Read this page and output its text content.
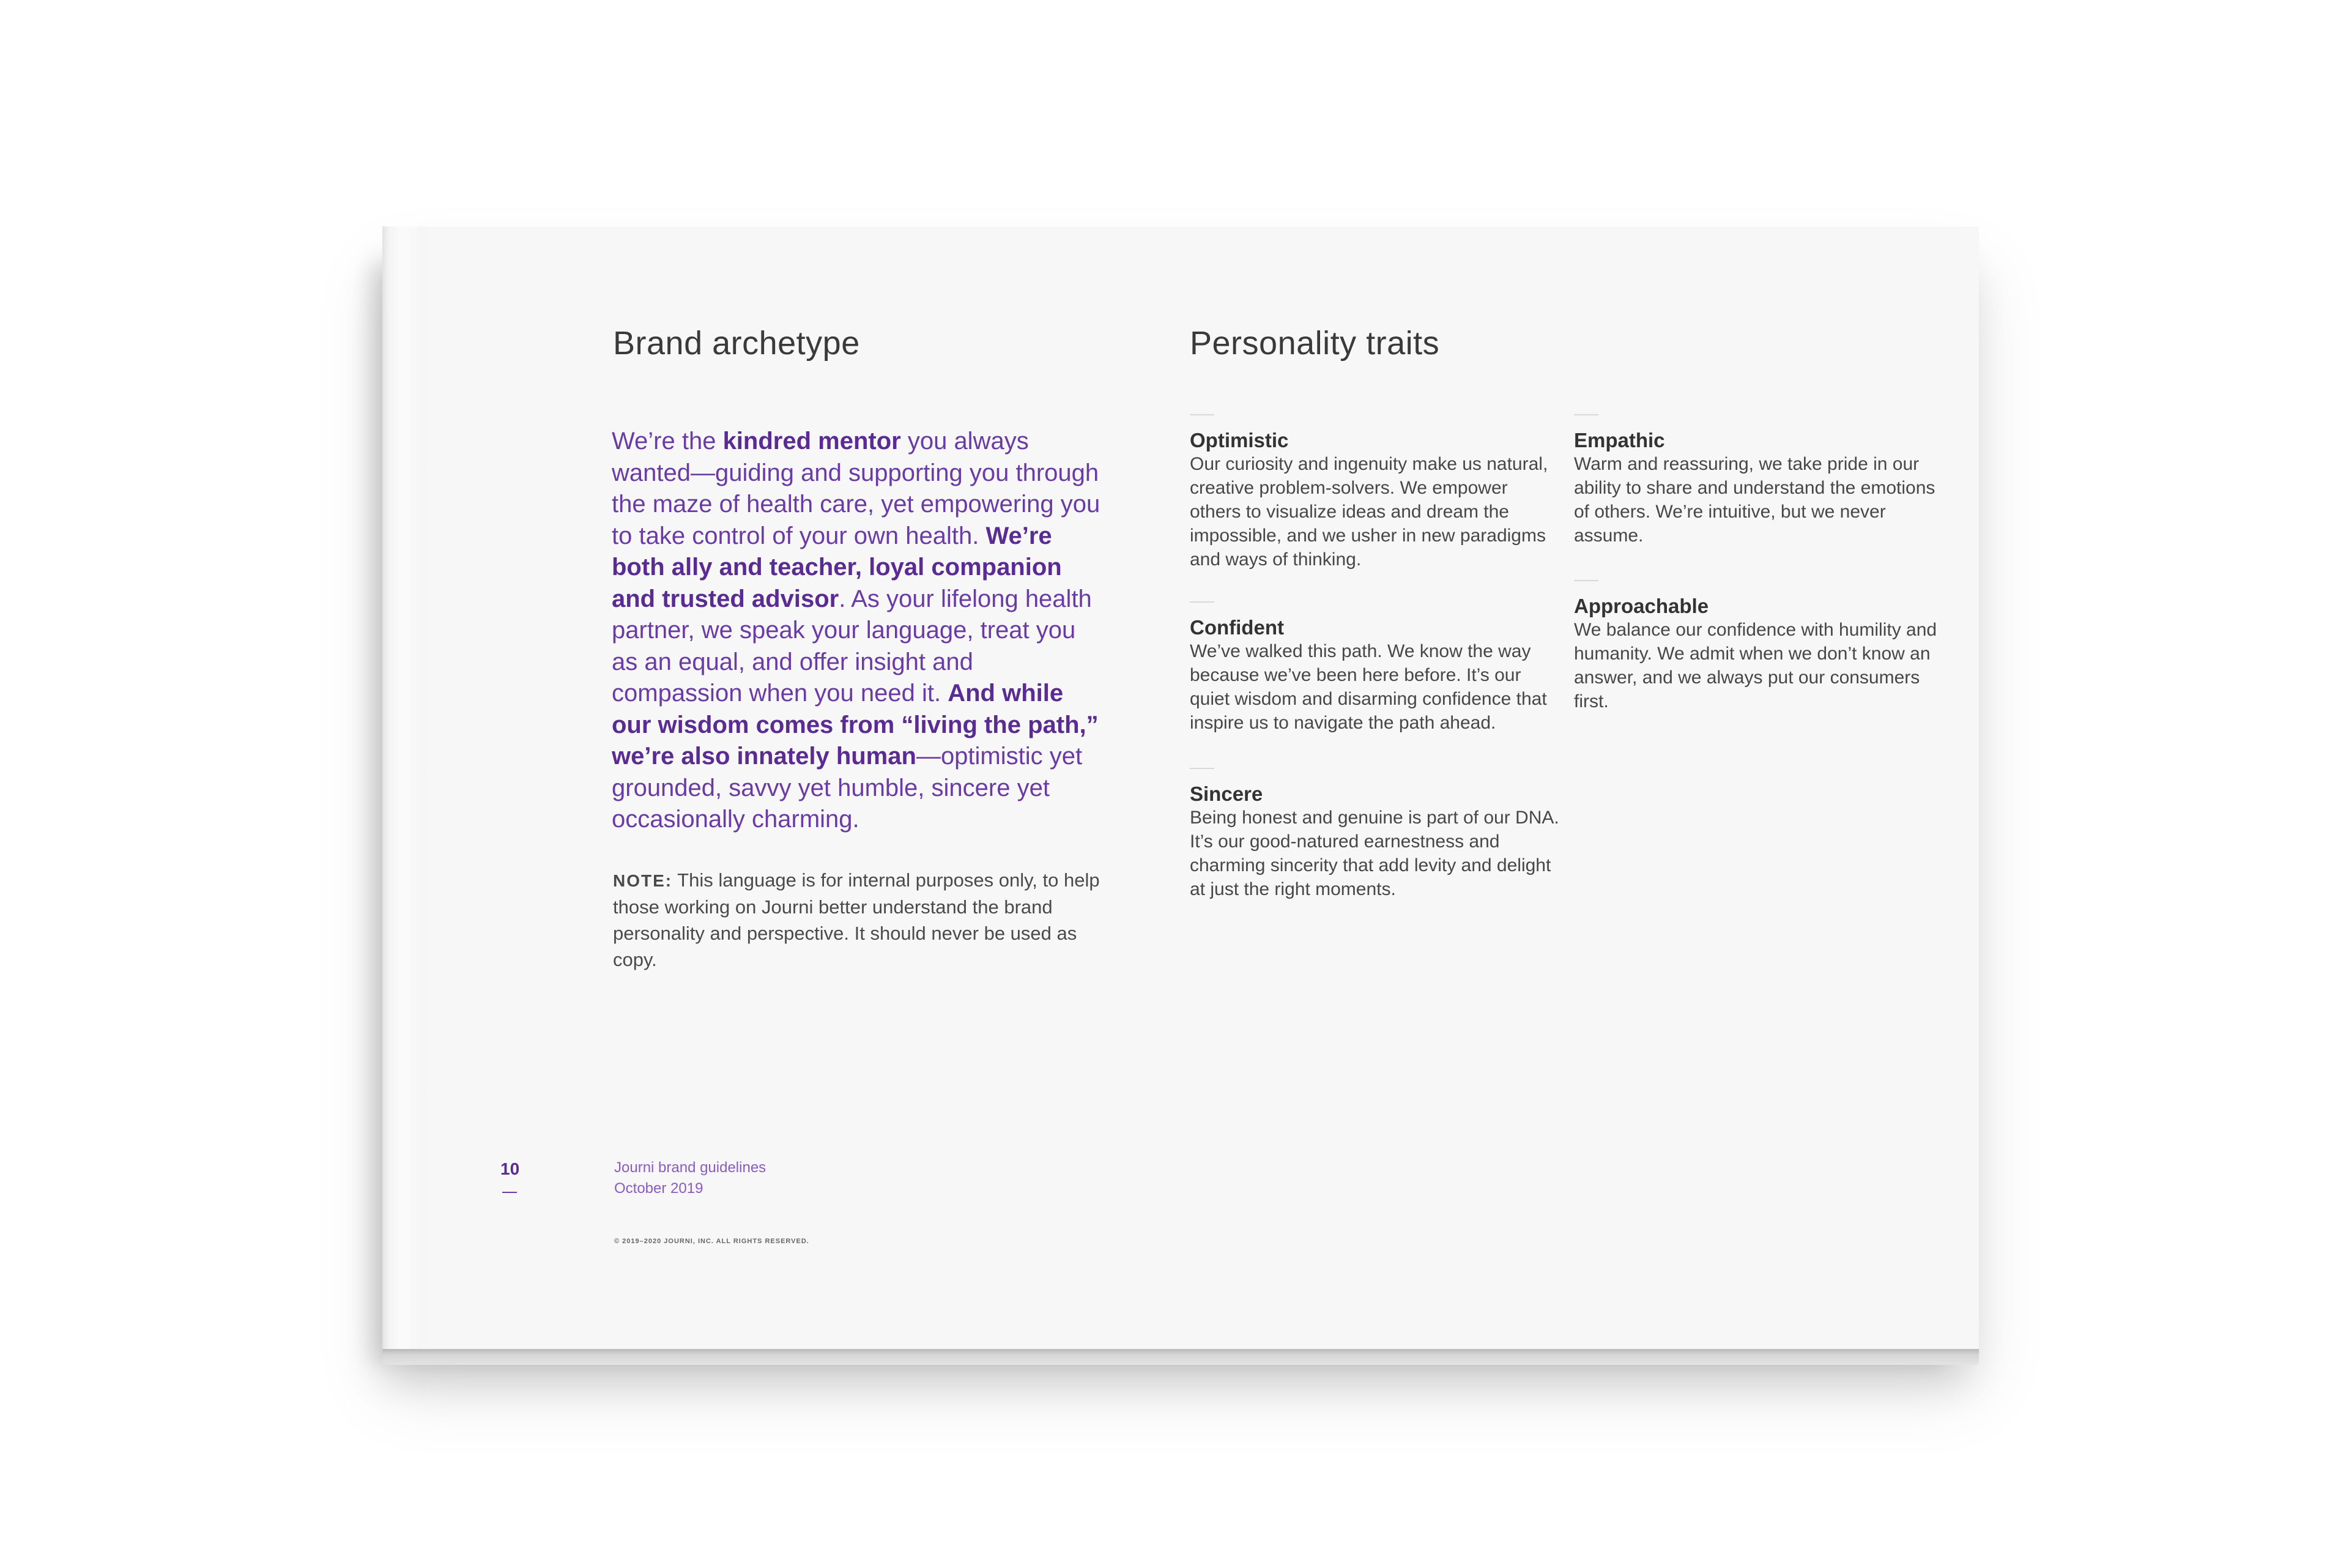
Brand archetype

We’re the kindred mentor you always wanted—guiding and supporting you through the maze of health care, yet empowering you to take control of your own health. We’re both ally and teacher, loyal companion and trusted advisor. As your lifelong health partner, we speak your language, treat you as an equal, and offer insight and compassion when you need it. And while our wisdom comes from “living the path,” we’re also innately human—optimistic yet grounded, savvy yet humble, sincere yet occasionally charming.

NOTE: This language is for internal purposes only, to help those working on Journi better understand the brand personality and perspective. It should never be used as copy.

Personality traits

Optimistic

Our curiosity and ingenuity make us natural, creative problem-solvers. We empower others to visualize ideas and dream the impossible, and we usher in new paradigms and ways of thinking.

Confident

We’ve walked this path. We know the way because we’ve been here before. It’s our quiet wisdom and disarming confidence that inspire us to navigate the path ahead.

Sincere

Being honest and genuine is part of our DNA. It’s our good-natured earnestness and charming sincerity that add levity and delight at just the right moments.

Empathic

Warm and reassuring, we take pride in our ability to share and understand the emotions of others. We’re intuitive, but we never assume.

Approachable

We balance our confidence with humility and humanity. We admit when we don’t know an answer, and we always put our consumers first.

10	Journi brand guidelines

October 2019

© 2019–2020 JOURNI, INC. ALL RIGHTS RESERVED.
